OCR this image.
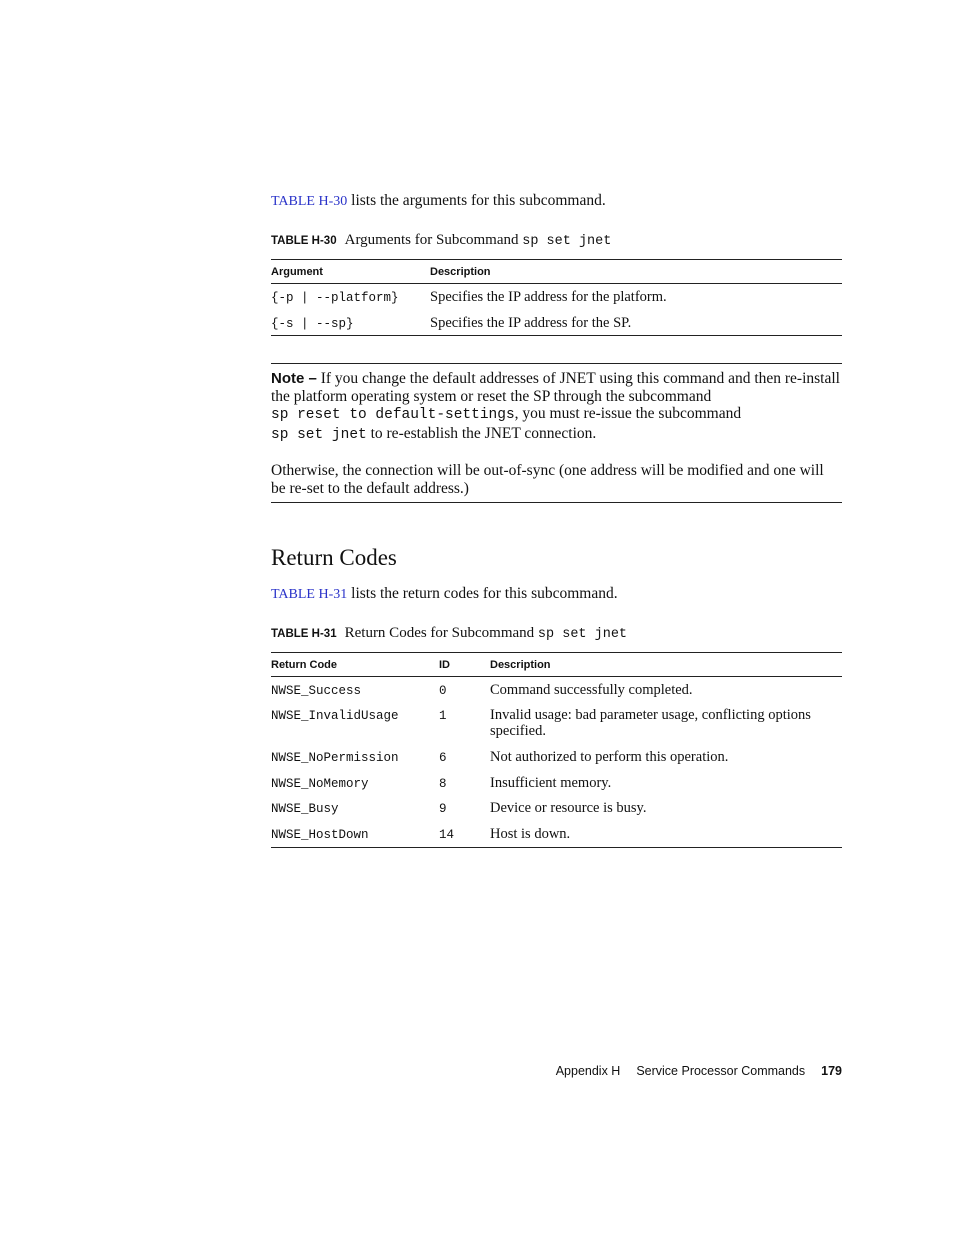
TABLE H-30 lists the arguments for this subcommand.
TABLE H-30 Arguments for Subcommand sp set jnet
Argument	Description
{-p | --platform}	Specifies the IP address for the platform.
{-s | --sp}	Specifies the IP address for the SP.

Note – If you change the default addresses of JNET using this command and then re-install the platform operating system or reset the SP through the subcommand
sp reset to default-settings, you must re-issue the subcommand
sp set jnet to re-establish the JNET connection.

Otherwise, the connection will be out-of-sync (one address will be modified and one will be re-set to the default address.)

Return Codes
TABLE H-31 lists the return codes for this subcommand.
TABLE H-31 Return Codes for Subcommand sp set jnet
Return Code	ID	Description
NWSE_Success	0	Command successfully completed.
NWSE_InvalidUsage	1	Invalid usage: bad parameter usage, conflicting options specified.
NWSE_NoPermission	6	Not authorized to perform this operation.
NWSE_NoMemory	8	Insufficient memory.
NWSE_Busy	9	Device or resource is busy.
NWSE_HostDown	14	Host is down.
Appendix H Service Processor Commands 179
